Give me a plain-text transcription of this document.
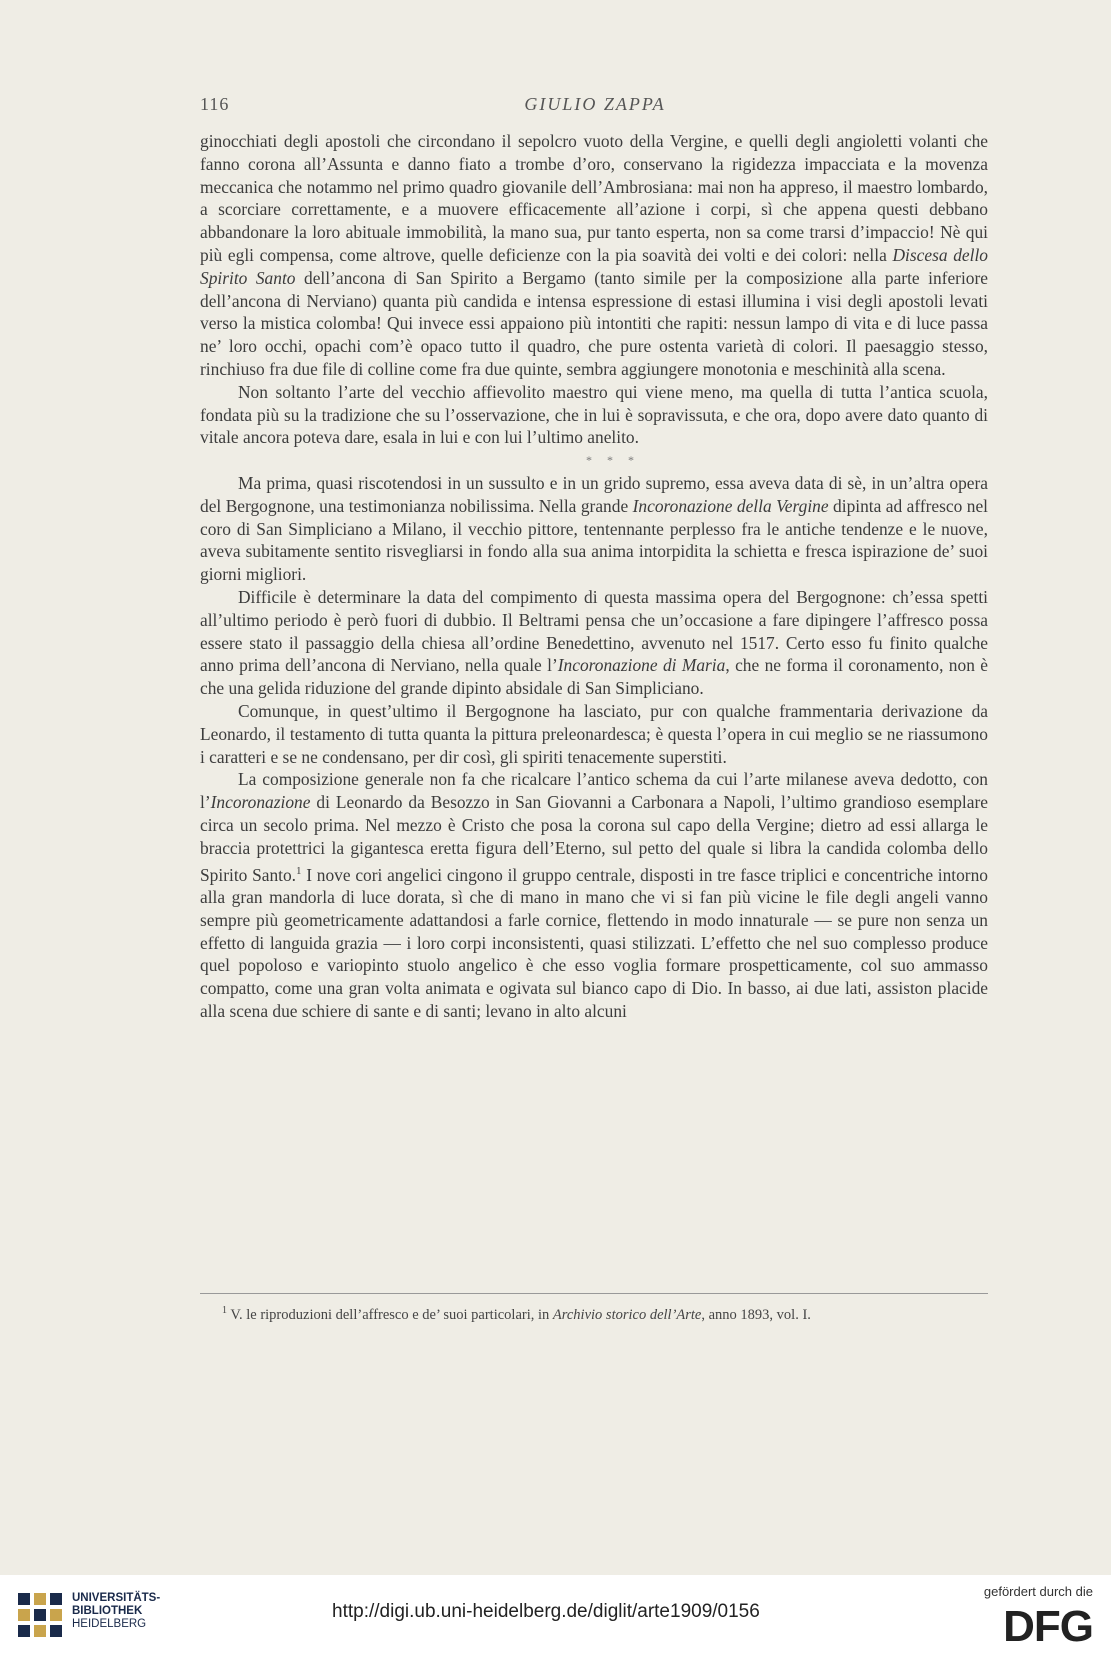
116	GIULIO ZAPPA

ginocchiati degli apostoli che circondano il sepolcro vuoto della Vergine, e quelli degli angioletti volanti che fanno corona all’Assunta e danno fiato a trombe d’oro, conservano la rigidezza impacciata e la movenza meccanica che notammo nel primo quadro giovanile dell’Ambrosiana: mai non ha appreso, il maestro lombardo, a scorciare correttamente, e a muovere efficacemente all’azione i corpi, sì che appena questi debbano abbandonare la loro abituale immobilità, la mano sua, pur tanto esperta, non sa come trarsi d’impaccio! Nè qui più egli compensa, come altrove, quelle deficienze con la pia soavità dei volti e dei colori: nella Discesa dello Spirito Santo dell’ancona di San Spirito a Bergamo (tanto simile per la composizione alla parte inferiore dell’ancona di Nerviano) quanta più candida e intensa espressione di estasi illumina i visi degli apostoli levati verso la mistica colomba! Qui invece essi appaiono più intontiti che rapiti: nessun lampo di vita e di luce passa ne’ loro occhi, opachi com’è opaco tutto il quadro, che pure ostenta varietà di colori. Il paesaggio stesso, rinchiuso fra due file di colline come fra due quinte, sembra aggiungere monotonia e meschinità alla scena.

Non soltanto l’arte del vecchio affievolito maestro qui viene meno, ma quella di tutta l’antica scuola, fondata più su la tradizione che su l’osservazione, che in lui è sopravissuta, e che ora, dopo avere dato quanto di vitale ancora poteva dare, esala in lui e con lui l’ultimo anelito.

* * *

Ma prima, quasi riscotendosi in un sussulto e in un grido supremo, essa aveva data di sè, in un’altra opera del Bergognone, una testimonianza nobilissima. Nella grande Incoronazione della Vergine dipinta ad affresco nel coro di San Simpliciano a Milano, il vecchio pittore, tentennante perplesso fra le antiche tendenze e le nuove, aveva subitamente sentito risvegliarsi in fondo alla sua anima intorpidita la schietta e fresca ispirazione de’ suoi giorni migliori.

Difficile è determinare la data del compimento di questa massima opera del Bergognone: ch’essa spetti all’ultimo periodo è però fuori di dubbio. Il Beltrami pensa che un’occasione a fare dipingere l’affresco possa essere stato il passaggio della chiesa all’ordine Benedettino, avvenuto nel 1517. Certo esso fu finito qualche anno prima dell’ancona di Nerviano, nella quale l’Incoronazione di Maria, che ne forma il coronamento, non è che una gelida riduzione del grande dipinto absidale di San Simpliciano.

Comunque, in quest’ultimo il Bergognone ha lasciato, pur con qualche frammentaria derivazione da Leonardo, il testamento di tutta quanta la pittura preleonardesca; è questa l’opera in cui meglio se ne riassumono i caratteri e se ne condensano, per dir così, gli spiriti tenacemente superstiti.

La composizione generale non fa che ricalcare l’antico schema da cui l’arte milanese aveva dedotto, con l’Incoronazione di Leonardo da Besozzo in San Giovanni a Carbonara a Napoli, l’ultimo grandioso esemplare circa un secolo prima. Nel mezzo è Cristo che posa la corona sul capo della Vergine; dietro ad essi allarga le braccia protettrici la gigantesca eretta figura dell’Eterno, sul petto del quale si libra la candida colomba dello Spirito Santo.$^1$ I nove cori angelici cingono il gruppo centrale, disposti in tre fasce triplici e concentriche intorno alla gran mandorla di luce dorata, sì che di mano in mano che vi si fan più vicine le file degli angeli vanno sempre più geometricamente adattandosi a farle cornice, flettendo in modo innaturale — se pure non senza un effetto di languida grazia — i loro corpi inconsistenti, quasi stilizzati. L’effetto che nel suo complesso produce quel popoloso e variopinto stuolo angelico è che esso voglia formare prospetticamente, col suo ammasso compatto, come una gran volta animata e ogivata sul bianco capo di Dio. In basso, ai due lati, assiston placide alla scena due schiere di sante e di santi; levano in alto alcuni

$^1$ V. le riproduzioni dell’affresco e de’ suoi particolari, in Archivio storico dell’Arte, anno 1893, vol. I.
UNIVERSITÄTS-
BIBLIOTHEK
HEIDELBERG
http://digi.ub.uni-heidelberg.de/diglit/arte1909/0156
gefördert durch die
DFG
